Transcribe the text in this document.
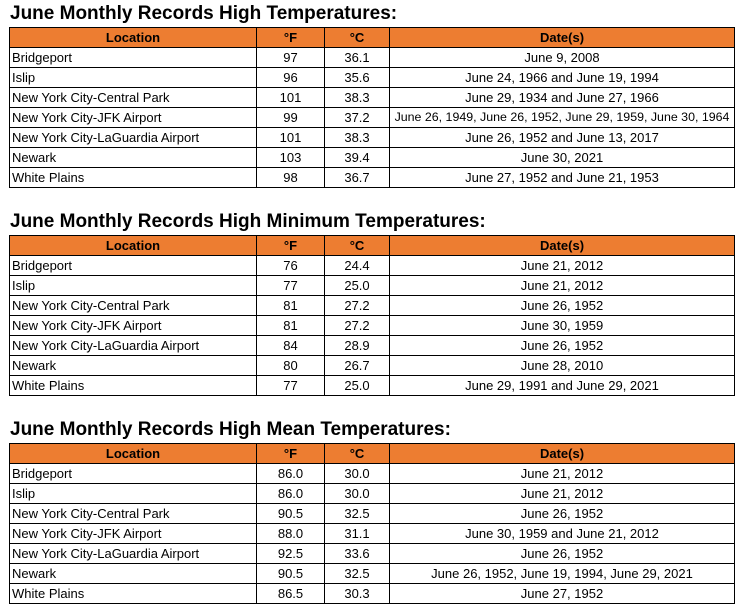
June Monthly Records High Temperatures:
Location	°F	°C	Date(s)
Bridgeport	97	36.1	June 9, 2008
Islip	96	35.6	June 24, 1966 and June 19, 1994
New York City-Central Park	101	38.3	June 29, 1934 and June 27, 1966
New York City-JFK Airport	99	37.2	June 26, 1949, June 26, 1952, June 29, 1959, June 30, 1964
New York City-LaGuardia Airport	101	38.3	June 26, 1952 and June 13, 2017
Newark	103	39.4	June 30, 2021
White Plains	98	36.7	June 27, 1952 and June 21, 1953
June Monthly Records High Minimum Temperatures:
Location	°F	°C	Date(s)
Bridgeport	76	24.4	June 21, 2012
Islip	77	25.0	June 21, 2012
New York City-Central Park	81	27.2	June 26, 1952
New York City-JFK Airport	81	27.2	June 30, 1959
New York City-LaGuardia Airport	84	28.9	June 26, 1952
Newark	80	26.7	June 28, 2010
White Plains	77	25.0	June 29, 1991 and June 29, 2021
June Monthly Records High Mean Temperatures:
Location	°F	°C	Date(s)
Bridgeport	86.0	30.0	June 21, 2012
Islip	86.0	30.0	June 21, 2012
New York City-Central Park	90.5	32.5	June 26, 1952
New York City-JFK Airport	88.0	31.1	June 30, 1959 and June 21, 2012
New York City-LaGuardia Airport	92.5	33.6	June 26, 1952
Newark	90.5	32.5	June 26, 1952, June 19, 1994, June 29, 2021
White Plains	86.5	30.3	June 27, 1952
